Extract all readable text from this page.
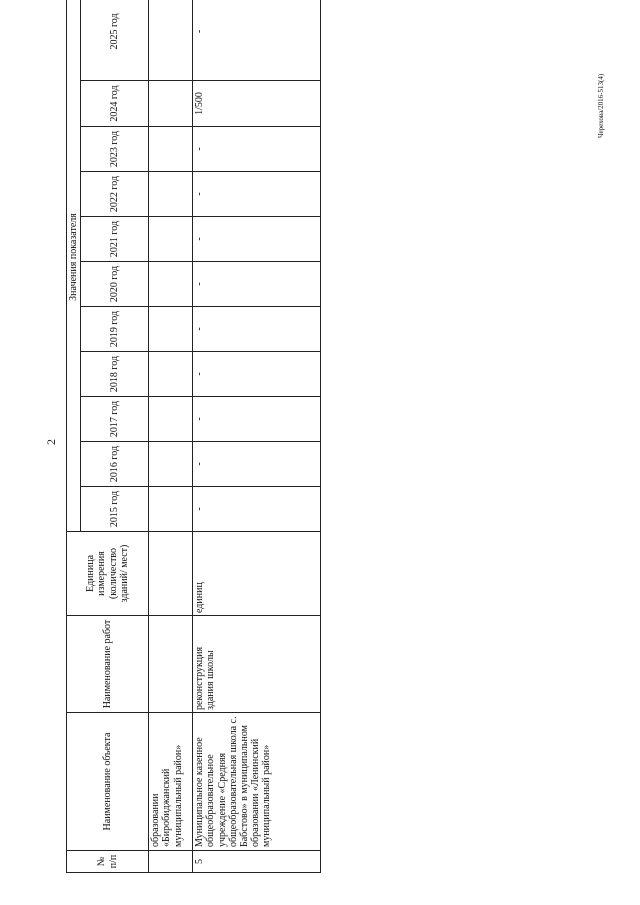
2
Черехова/2016-513(4)
№
п/п	Наименование объекта	Наименование работ	Единица измерения (количество зданий/ мест)	Значения показателя										
				2015 год	2016 год	2017 год	2018 год	2019 год	2020 год	2021 год	2022 год	2023 год	2024 год	2025 год
	образовании «Биробиджанский муниципальный район»													
5	Муниципальное казенное общеобразовательное учреждение «Средняя общеобразовательная школа с. Бабстово» в муниципальном образовании «Ленинский муниципальный район»	реконструкция здания школы	единиц	-	-	-	-	-	-	-	-	-	1/500	-
